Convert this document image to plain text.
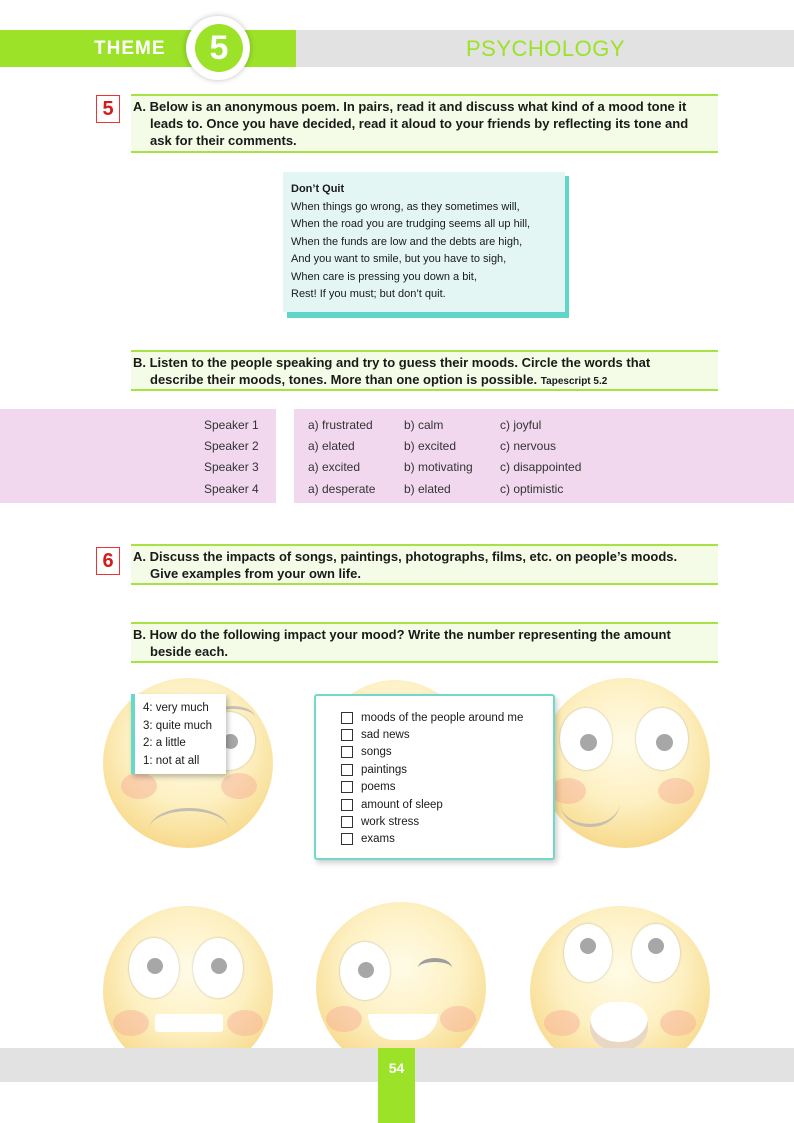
THEME	5	PSYCHOLOGY
5	A. Below is an anonymous poem. In pairs, read it and discuss what kind of a mood tone it
leads to. Once you have decided, read it aloud to your friends by reflecting its tone and
ask for their comments.
Don’t Quit
When things go wrong, as they sometimes will,
When the road you are trudging seems all up hill,
When the funds are low and the debts are high,
And you want to smile, but you have to sigh,
When care is pressing you down a bit,
Rest! If you must; but don’t quit.
B. Listen to the people speaking and try to guess their moods. Circle the words that
describe their moods, tones. More than one option is possible. Tapescript 5.2
Speaker 1	a) frustrated	b) calm	c) joyful
Speaker 2	a) elated	b) excited	c) nervous
Speaker 3	a) excited	b) motivating c) disappointed
Speaker 4	a) desperate b) elated	c) optimistic
6	A. Discuss the impacts of songs, paintings, photographs, films, etc. on people’s moods.
Give examples from your own life.
B. How do the following impact your mood? Write the number representing the amount
beside each.
4: very much
3: quite much
2: a little
1: not at all
moods of the people around me
sad news
songs
paintings
poems
amount of sleep
work stress
exams
54
